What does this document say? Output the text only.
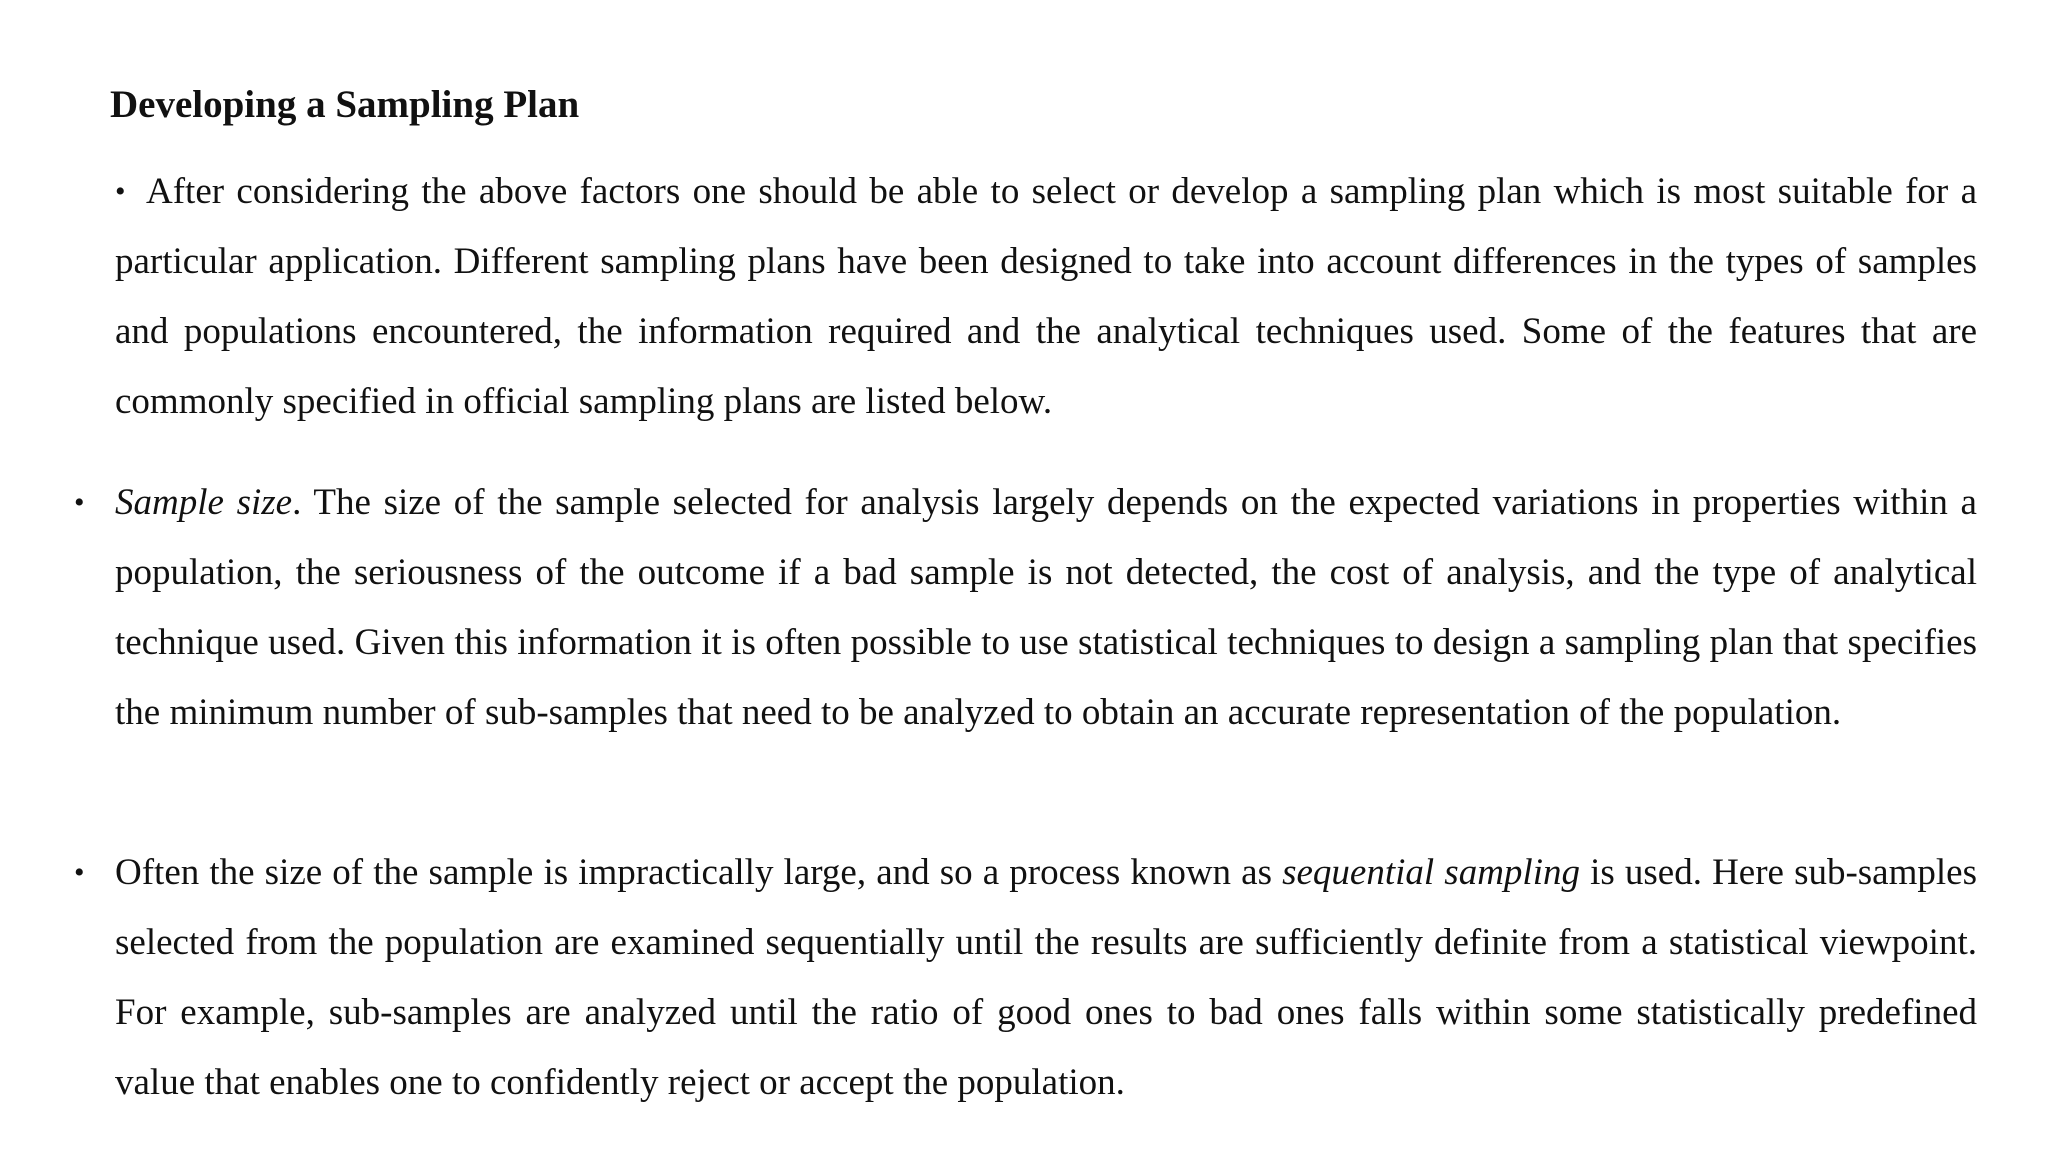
Developing a Sampling Plan
• After considering the above factors one should be able to select or develop a sampling plan which is most suitable for a particular application. Different sampling plans have been designed to take into account differences in the types of samples and populations encountered, the information required and the analytical techniques used. Some of the features that are commonly specified in official sampling plans are listed below.

• Sample size. The size of the sample selected for analysis largely depends on the expected variations in properties within a population, the seriousness of the outcome if a bad sample is not detected, the cost of analysis, and the type of analytical technique used. Given this information it is often possible to use statistical techniques to design a sampling plan that specifies the minimum number of sub-samples that need to be analyzed to obtain an accurate representation of the population.

• Often the size of the sample is impractically large, and so a process known as sequential sampling is used. Here sub-samples selected from the population are examined sequentially until the results are sufficiently definite from a statistical viewpoint. For example, sub-samples are analyzed until the ratio of good ones to bad ones falls within some statistically predefined value that enables one to confidently reject or accept the population.
